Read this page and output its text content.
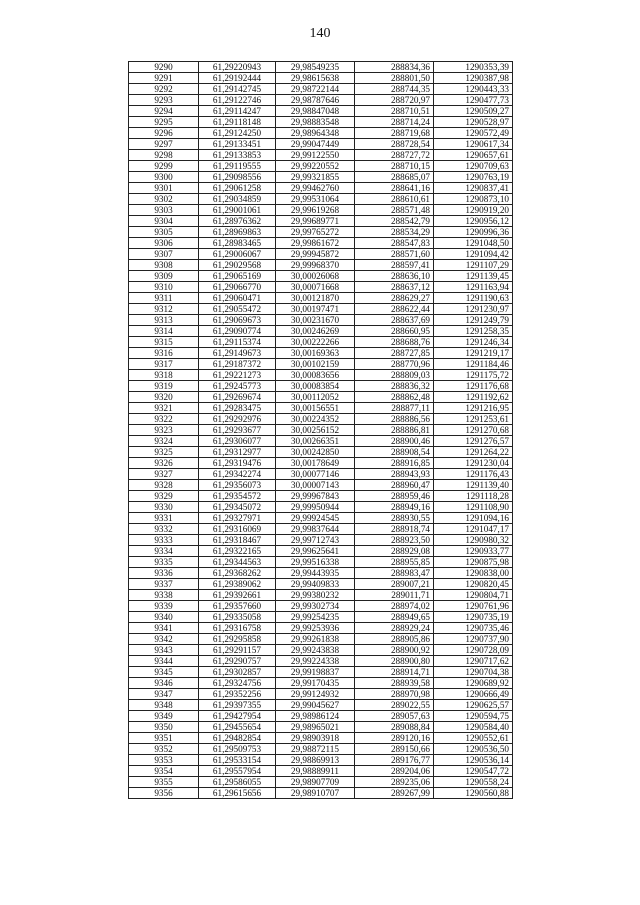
140
9290	61,29220943	29,98549235	288834,36	1290353,39
9291	61,29192444	29,98615638	288801,50	1290387,98
9292	61,29142745	29,98722144	288744,35	1290443,33
9293	61,29122746	29,98787646	288720,97	1290477,73
9294	61,29114247	29,98847048	288710,51	1290509,27
9295	61,29118148	29,98883548	288714,24	1290528,97
9296	61,29124250	29,98964348	288719,68	1290572,49
9297	61,29133451	29,99047449	288728,54	1290617,34
9298	61,29133853	29,99122550	288727,72	1290657,61
9299	61,29119555	29,99220552	288710,15	1290709,63
9300	61,29098556	29,99321855	288685,07	1290763,19
9301	61,29061258	29,99462760	288641,16	1290837,41
9302	61,29034859	29,99531064	288610,61	1290873,10
9303	61,29001061	29,99619268	288571,48	1290919,20
9304	61,28976362	29,99689771	288542,79	1290956,12
9305	61,28969863	29,99765272	288534,29	1290996,36
9306	61,28983465	29,99861672	288547,83	1291048,50
9307	61,29006067	29,99945872	288571,60	1291094,42
9308	61,29029568	29,99968370	288597,41	1291107,29
9309	61,29065169	30,00026068	288636,10	1291139,45
9310	61,29066770	30,00071668	288637,12	1291163,94
9311	61,29060471	30,00121870	288629,27	1291190,63
9312	61,29055472	30,00197471	288622,44	1291230,97
9313	61,29069673	30,00231670	288637,69	1291249,79
9314	61,29090774	30,00246269	288660,95	1291258,35
9315	61,29115374	30,00222266	288688,76	1291246,34
9316	61,29149673	30,00169363	288727,85	1291219,17
9317	61,29187372	30,00102159	288770,96	1291184,46
9318	61,29221273	30,00083656	288809,03	1291175,72
9319	61,29245773	30,00083854	288836,32	1291176,68
9320	61,29269674	30,00112052	288862,48	1291192,62
9321	61,29283475	30,00156551	288877,11	1291216,95
9322	61,29292976	30,00224352	288886,56	1291253,61
9323	61,29293677	30,00256152	288886,81	1291270,68
9324	61,29306077	30,00266351	288900,46	1291276,57
9325	61,29312977	30,00242850	288908,54	1291264,22
9326	61,29319476	30,00178649	288916,85	1291230,04
9327	61,29342274	30,00077146	288943,93	1291176,43
9328	61,29356073	30,00007143	288960,47	1291139,40
9329	61,29354572	29,99967843	288959,46	1291118,28
9330	61,29345072	29,99950944	288949,16	1291108,90
9331	61,29327971	29,99924545	288930,55	1291094,16
9332	61,29316069	29,99837644	288918,74	1291047,17
9333	61,29318467	29,99712743	288923,50	1290980,32
9334	61,29322165	29,99625641	288929,08	1290933,77
9335	61,29344563	29,99516338	288955,85	1290875,98
9336	61,29368262	29,99443935	288983,47	1290838,00
9337	61,29389062	29,99409833	289007,21	1290820,45
9338	61,29392661	29,99380232	289011,71	1290804,71
9339	61,29357660	29,99302734	288974,02	1290761,96
9340	61,29335058	29,99254235	288949,65	1290735,19
9341	61,29316758	29,99253936	288929,24	1290735,46
9342	61,29295858	29,99261838	288905,86	1290737,90
9343	61,29291157	29,99243838	288900,92	1290728,09
9344	61,29290757	29,99224338	288900,80	1290717,62
9345	61,29302857	29,99198837	288914,71	1290704,38
9346	61,29324756	29,99170435	288939,58	1290689,92
9347	61,29352256	29,99124932	288970,98	1290666,49
9348	61,29397355	29,99045627	289022,55	1290625,57
9349	61,29427954	29,98986124	289057,63	1290594,75
9350	61,29455654	29,98965021	289088,84	1290584,40
9351	61,29482854	29,98903918	289120,16	1290552,61
9352	61,29509753	29,98872115	289150,66	1290536,50
9353	61,29533154	29,98869913	289176,77	1290536,14
9354	61,29557954	29,98889911	289204,06	1290547,72
9355	61,29586055	29,98907709	289235,06	1290558,24
9356	61,29615656	29,98910707	289267,99	1290560,88
